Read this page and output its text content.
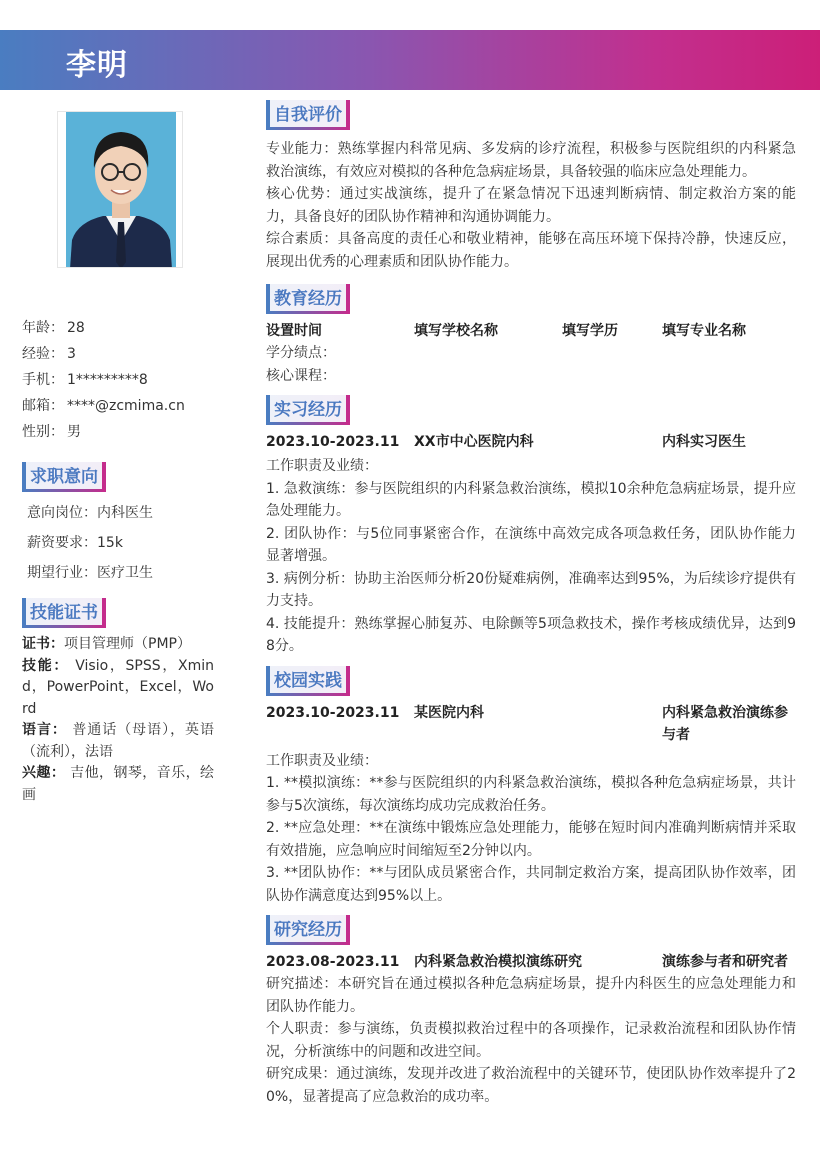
李明
年龄： 28
经验： 3
手机： 1*********8
邮箱： ****@zcmima.cn
性别： 男
求职意向
意向岗位：内科医生
薪资要求：15k
期望行业：医疗卫生
技能证书
证书：项目管理师（PMP）
技能： Visio，SPSS，Xmind，PowerPoint，Excel，Word
语言： 普通话（母语），英语（流利），法语
兴趣： 吉他，钢琴，音乐，绘画
自我评价
专业能力：熟练掌握内科常见病、多发病的诊疗流程，积极参与医院组织的内科紧急救治演练，有效应对模拟的各种危急病症场景，具备较强的临床应急处理能力。
核心优势：通过实战演练，提升了在紧急情况下迅速判断病情、制定救治方案的能力，具备良好的团队协作精神和沟通协调能力。
综合素质：具备高度的责任心和敬业精神，能够在高压环境下保持冷静，快速反应，展现出优秀的心理素质和团队协作能力。
教育经历
设置时间	填写学校名称	填写学历	填写专业名称
学分绩点：
核心课程：
实习经历
2023.10-2023.11	XX市中心医院内科	内科实习医生
工作职责及业绩：
1. 急救演练：参与医院组织的内科紧急救治演练，模拟10余种危急病症场景，提升应急处理能力。
2. 团队协作：与5位同事紧密合作，在演练中高效完成各项急救任务，团队协作能力显著增强。
3. 病例分析：协助主治医师分析20份疑难病例，准确率达到95%，为后续诊疗提供有力支持。
4. 技能提升：熟练掌握心肺复苏、电除颤等5项急救技术，操作考核成绩优异，达到98分。
校园实践
2023.10-2023.11	某医院内科	内科紧急救治演练参与者
工作职责及业绩：
1. **模拟演练：**参与医院组织的内科紧急救治演练，模拟各种危急病症场景，共计参与5次演练，每次演练均成功完成救治任务。
2. **应急处理：**在演练中锻炼应急处理能力，能够在短时间内准确判断病情并采取有效措施，应急响应时间缩短至2分钟以内。
3. **团队协作：**与团队成员紧密合作，共同制定救治方案，提高团队协作效率，团队协作满意度达到95%以上。
研究经历
2023.08-2023.11	内科紧急救治模拟演练研究	演练参与者和研究者
研究描述：本研究旨在通过模拟各种危急病症场景，提升内科医生的应急处理能力和团队协作能力。
个人职责：参与演练，负责模拟救治过程中的各项操作，记录救治流程和团队协作情况，分析演练中的问题和改进空间。
研究成果：通过演练，发现并改进了救治流程中的关键环节，使团队协作效率提升了20%，显著提高了应急救治的成功率。
